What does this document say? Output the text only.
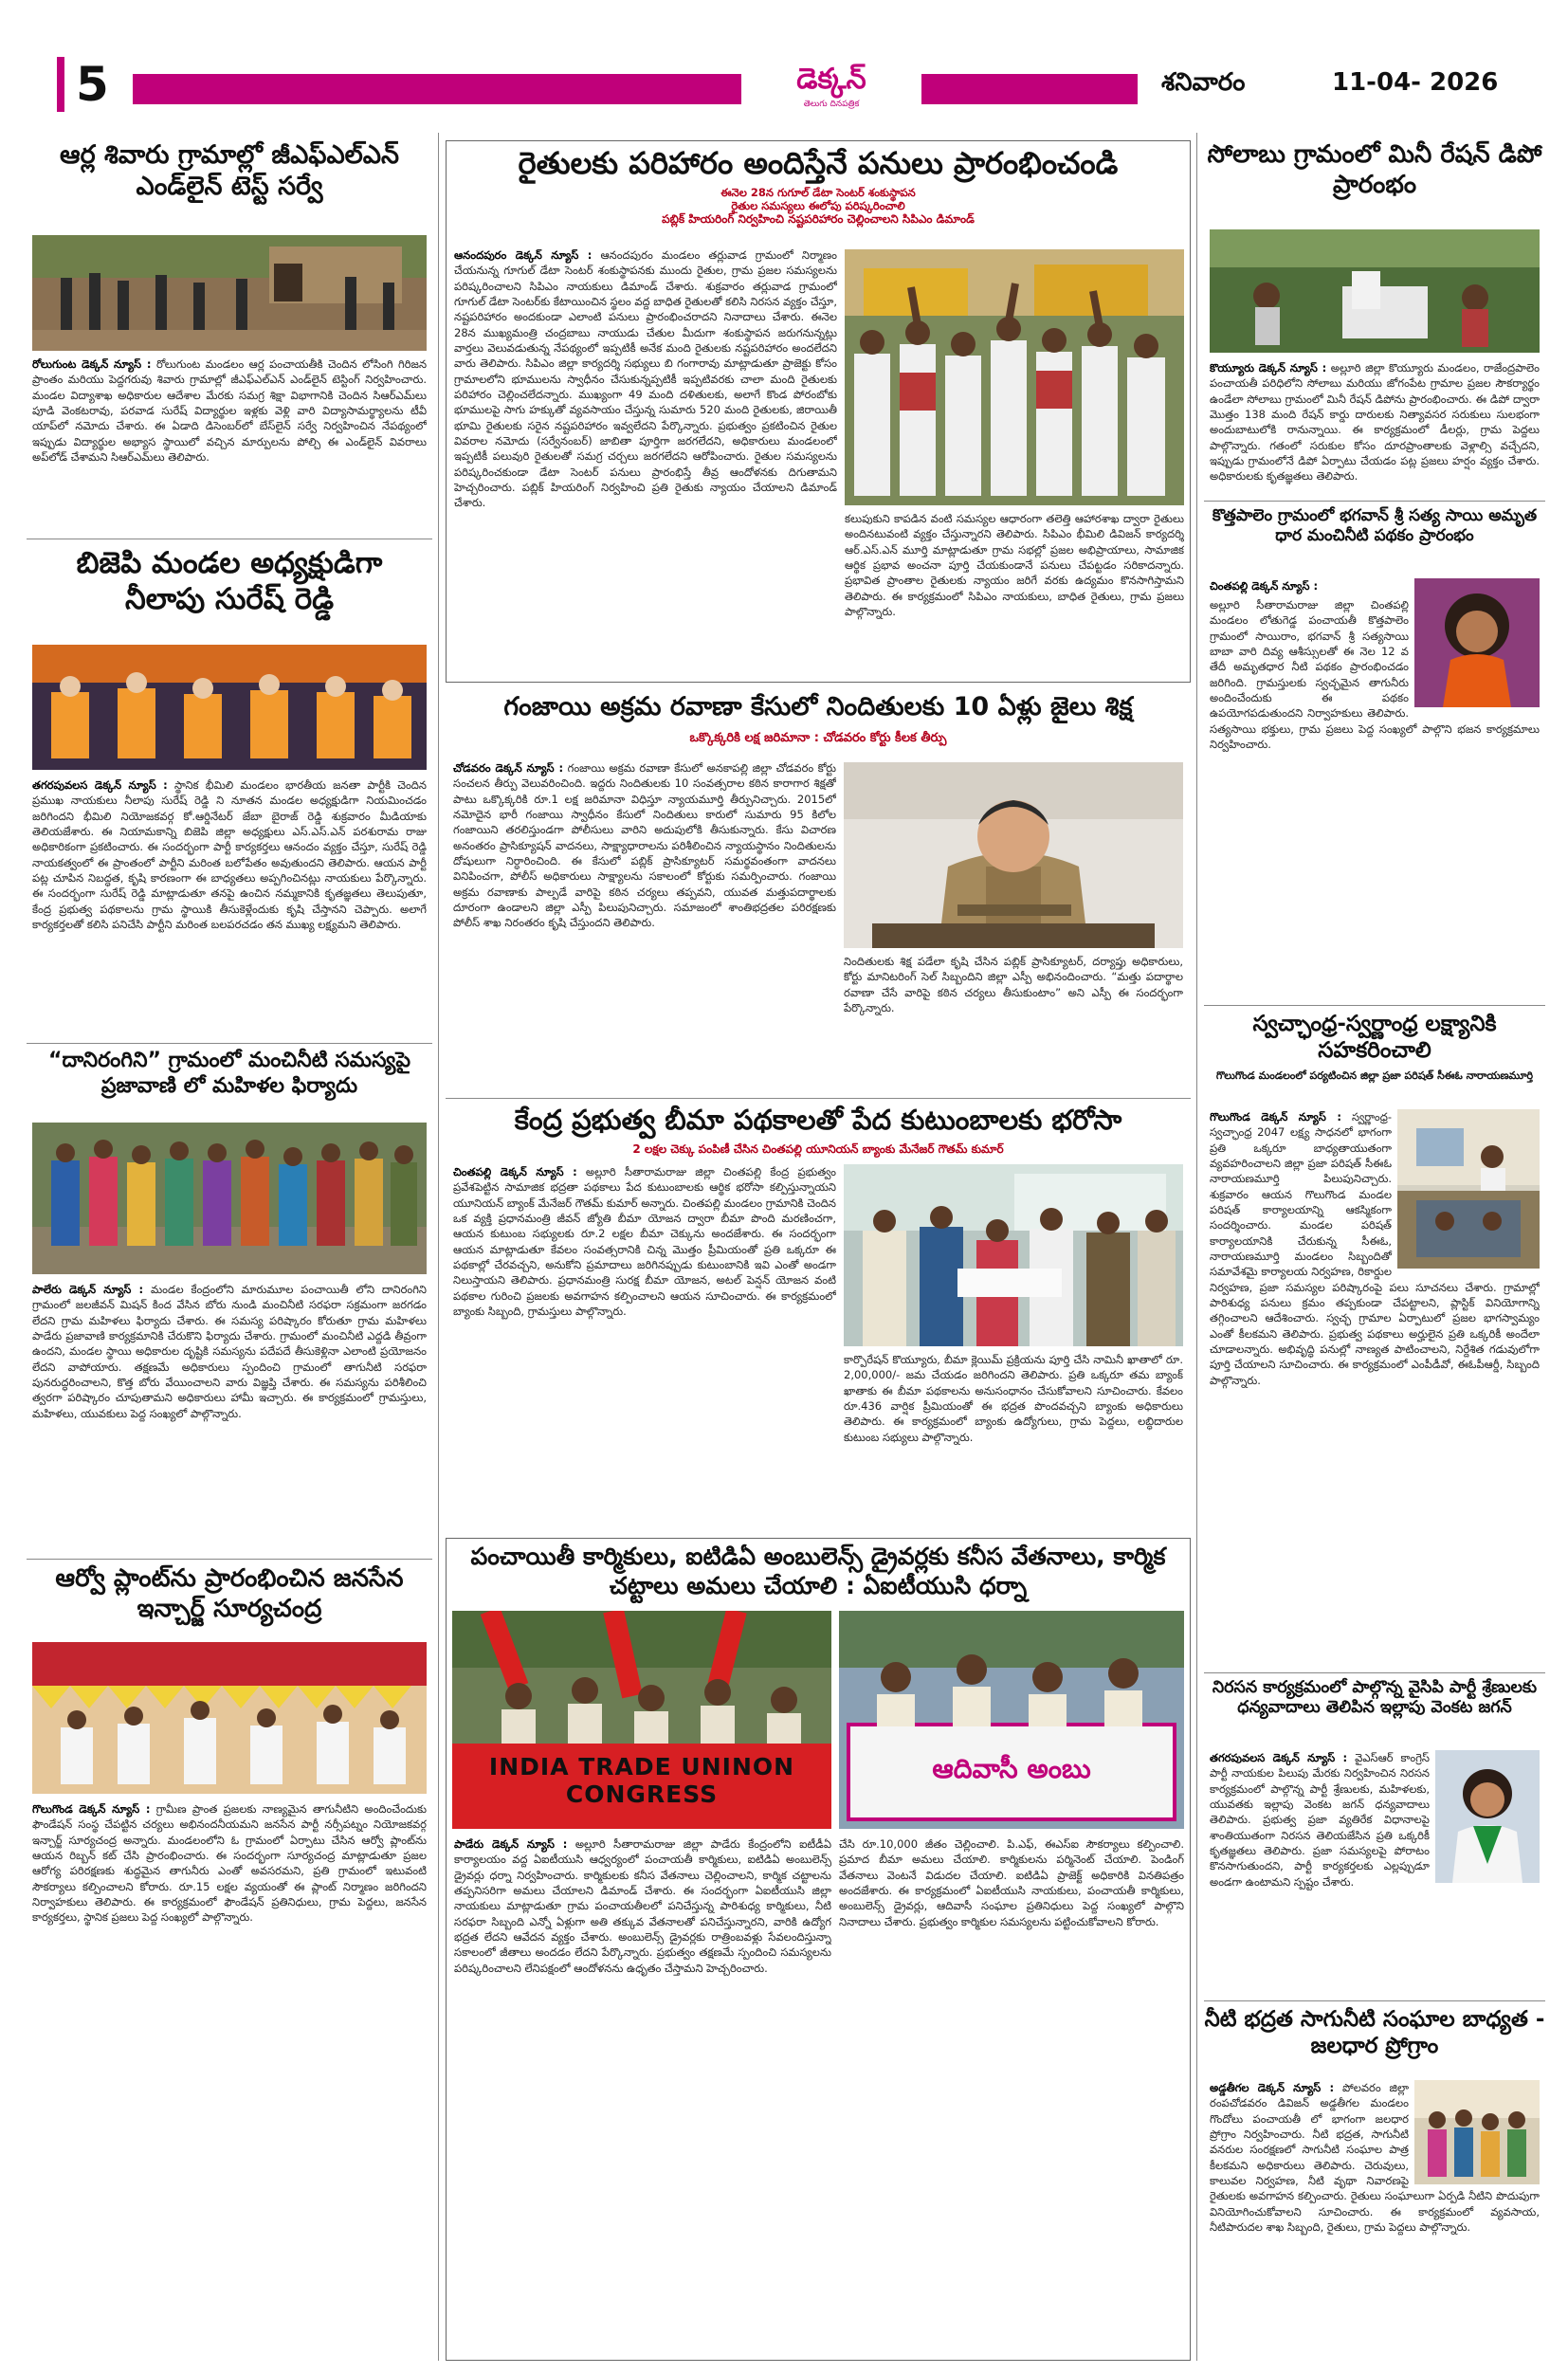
5	డెక్కన్
తెలుగు దినపత్రిక
శనివారం	11-04- 2026
ఆర్ల శివారు గ్రామాల్లో జీఎఫ్ఎల్ఎన్ ఎండ్‌లైన్ టెస్ట్ సర్వే
రోలుగుంట డెక్కన్ న్యూస్ : రోలుగుంట మండలం ఆర్ల పంచాయతీకి చెందిన లోసింగి గిరిజన ప్రాంతం మరియు పెద్దగరువు శివారు గ్రామాల్లో జీఎఫ్ఎల్ఎన్ ఎండ్‌లైన్ టెస్టింగ్ నిర్వహించారు. మండల విద్యాశాఖ అధికారుల ఆదేశాల మేరకు సమగ్ర శిక్షా విభాగానికి చెందిన సిఆర్ఎమ్‌లు పూడి వెంకటరావు, పరవాడ సురేష్ విద్యార్థుల ఇళ్లకు వెళ్లి వారి విద్యాసామర్థ్యాలను టీవీ యాప్‌లో నమోదు చేశారు. ఈ ఏడాది డిసెంబర్‌లో బేస్‌లైన్ సర్వే నిర్వహించిన నేపథ్యంలో ఇప్పుడు విద్యార్థుల అభ్యాస స్థాయిలో వచ్చిన మార్పులను పోల్చి ఈ ఎండ్‌లైన్ వివరాలు అప్‌లోడ్ చేశామని సిఆర్ఎమ్‌లు తెలిపారు.
బిజెపి మండల అధ్యక్షుడిగా నీలాపు సురేష్ రెడ్డి
తగరపువలస డెక్కన్ న్యూస్ : స్థానిక భీమిలి మండలం భారతీయ జనతా పార్టీకి చెందిన ప్రముఖ నాయకులు నీలాపు సురేష్ రెడ్డి ని నూతన మండల అధ్యక్షుడిగా నియమించడం జరిగిందని భీమిలి నియోజకవర్గ కో.ఆర్డినేటర్ జేబా బైరాజ్ రెడ్డి శుక్రవారం మీడియాకు తెలియజేశారు. ఈ నియామకాన్ని బిజెపి జిల్లా అధ్యక్షులు ఎస్.ఎస్.ఎన్ పరశురామ రాజు అధికారికంగా ప్రకటించారు. ఈ సందర్భంగా పార్టీ కార్యకర్తలు ఆనందం వ్యక్తం చేస్తూ, సురేష్ రెడ్డి నాయకత్వంలో ఈ ప్రాంతంలో పార్టీని మరింత బలోపేతం అవుతుందని తెలిపారు. ఆయన పార్టీ పట్ల చూపిన నిబద్ధత, కృషి కారణంగా ఈ బాధ్యతలు అప్పగించినట్లు నాయకులు పేర్కొన్నారు. ఈ సందర్భంగా సురేష్ రెడ్డి మాట్లాడుతూ తనపై ఉంచిన నమ్మకానికి కృతజ్ఞతలు తెలుపుతూ, కేంద్ర ప్రభుత్వ పథకాలను గ్రామ స్థాయికి తీసుకెళ్లేందుకు కృషి చేస్తానని చెప్పారు. అలాగే కార్యకర్తలతో కలిసి పనిచేసి పార్టీని మరింత బలపరచడం తన ముఖ్య లక్ష్యమని తెలిపారు.
“దానిరంగిని” గ్రామంలో మంచినీటి సమస్యపై ప్రజావాణి లో మహిళల ఫిర్యాదు
పాలేరు డెక్కన్ న్యూస్ : మండల కేంద్రంలోని మారుమూల పంచాయితీ లోని దానిరంగిని గ్రామంలో జలజీవన్ మిషన్ కింద వేసిన బోరు నుండి మంచినీటి సరఫరా సక్రమంగా జరగడం లేదని గ్రామ మహిళలు ఫిర్యాదు చేశారు. ఈ సమస్య పరిష్కారం కోరుతూ గ్రామ మహిళలు పాడేరు ప్రజావాణి కార్యక్రమానికి చేరుకొని ఫిర్యాదు చేశారు. గ్రామంలో మంచినీటి ఎద్దడి తీవ్రంగా ఉందని, మండల స్థాయి అధికారుల దృష్టికి సమస్యను పదేపదే తీసుకెళ్లినా ఎలాంటి ప్రయోజనం లేదని వాపోయారు. తక్షణమే అధికారులు స్పందించి గ్రామంలో తాగునీటి సరఫరా పునరుద్ధరించాలని, కొత్త బోరు వేయించాలని వారు విజ్ఞప్తి చేశారు. ఈ సమస్యను పరిశీలించి త్వరగా పరిష్కారం చూపుతామని అధికారులు హామీ ఇచ్చారు. ఈ కార్యక్రమంలో గ్రామస్తులు, మహిళలు, యువకులు పెద్ద సంఖ్యలో పాల్గొన్నారు.
ఆర్వో ప్లాంట్‌ను ప్రారంభించిన జనసేన ఇన్చార్జ్ సూర్యచంద్ర
గొలుగొండ డెక్కన్ న్యూస్ : గ్రామీణ ప్రాంత ప్రజలకు నాణ్యమైన తాగునీటిని అందించేందుకు ఫౌండేషన్ సంస్థ చేపట్టిన చర్యలు అభినందనీయమని జనసేన పార్టీ నర్సీపట్నం నియోజకవర్గ ఇన్చార్జ్ సూర్యచంద్ర అన్నారు. మండలంలోని ఓ గ్రామంలో ఏర్పాటు చేసిన ఆర్వో ప్లాంట్‌ను ఆయన రిబ్బన్ కట్ చేసి ప్రారంభించారు. ఈ సందర్భంగా సూర్యచంద్ర మాట్లాడుతూ ప్రజల ఆరోగ్య పరిరక్షణకు శుద్ధమైన తాగునీరు ఎంతో అవసరమని, ప్రతి గ్రామంలో ఇటువంటి సౌకర్యాలు కల్పించాలని కోరారు. రూ.15 లక్షల వ్యయంతో ఈ ప్లాంట్ నిర్మాణం జరిగిందని నిర్వాహకులు తెలిపారు. ఈ కార్యక్రమంలో ఫౌండేషన్ ప్రతినిధులు, గ్రామ పెద్దలు, జనసేన కార్యకర్తలు, స్థానిక ప్రజలు పెద్ద సంఖ్యలో పాల్గొన్నారు.
రైతులకు పరిహారం అందిస్తేనే పనులు ప్రారంభించండి
ఈనెల 28న గుగూల్ డేటా సెంటర్ శంకుస్థాపన
రైతుల సమస్యలు ఈలోపు పరిష్కరించాలి
పబ్లిక్ హియరింగ్ నిర్వహించి నష్టపరిహారం చెల్లించాలని సిపిఎం డిమాండ్
ఆనందపురం డెక్కన్ న్యూస్ : ఆనందపురం మండలం తర్లువాడ గ్రామంలో నిర్మాణం చేయనున్న గూగుల్ డేటా సెంటర్ శంకుస్థాపనకు ముందు రైతుల, గ్రామ ప్రజల సమస్యలను పరిష్కరించాలని సిపిఎం నాయకులు డిమాండ్ చేశారు. శుక్రవారం తర్లువాడ గ్రామంలో గూగుల్ డేటా సెంటర్‌కు కేటాయించిన స్థలం వద్ద బాధిత రైతులతో కలిసి నిరసన వ్యక్తం చేస్తూ, నష్టపరిహారం అందకుండా ఎలాంటి పనులు ప్రారంభించరాదని నినాదాలు చేశారు. ఈనెల 28న ముఖ్యమంత్రి చంద్రబాబు నాయుడు చేతుల మీదుగా శంకుస్థాపన జరుగనున్నట్లు వార్తలు వెలువడుతున్న నేపథ్యంలో ఇప్పటికీ అనేక మంది రైతులకు నష్టపరిహారం అందలేదని వారు తెలిపారు. సిపిఎం జిల్లా కార్యదర్శి సభ్యులు బి గంగారావు మాట్లాడుతూ ప్రాజెక్టు కోసం గ్రామాలలోని భూములను స్వాధీనం చేసుకున్నప్పటికీ ఇప్పటివరకు చాలా మంది రైతులకు పరిహారం చెల్లించలేదన్నారు. ముఖ్యంగా 49 మంది దళితులకు, అలాగే కొండ పోరంబోకు భూములపై సాగు హక్కుతో వ్యవసాయం చేస్తున్న సుమారు 520 మంది రైతులకు, జిరాయితీ భూమి రైతులకు సరైన నష్టపరిహారం ఇవ్వలేదని పేర్కొన్నారు. ప్రభుత్వం ప్రకటించిన రైతుల వివరాల నమోదు (సర్వేనంబర్) జాబితా పూర్తిగా జరగలేదని, అధికారులు మండలంలో ఇప్పటికీ పలువురి రైతులతో సమగ్ర చర్చలు జరగలేదని ఆరోపించారు. రైతుల సమస్యలను పరిష్కరించకుండా డేటా సెంటర్ పనులు ప్రారంభిస్తే తీవ్ర ఆందోళనకు దిగుతామని హెచ్చరించారు. పబ్లిక్ హియరింగ్ నిర్వహించి ప్రతి రైతుకు న్యాయం చేయాలని డిమాండ్ చేశారు.
కలుపుకుని కాపడిన వంటి సమస్యల ఆధారంగా తలెత్తి ఆహారశాఖ ద్వారా రైతులు అందినటువంటి వ్యక్తం చేస్తున్నారని తెలిపారు. సిపిఎం భీమిలి డివిజన్ కార్యదర్శి ఆర్.ఎస్.ఎన్ మూర్తి మాట్లాడుతూ గ్రామ సభల్లో ప్రజల అభిప్రాయాలు, సామాజిక ఆర్థిక ప్రభావ అంచనా పూర్తి చేయకుండానే పనులు చేపట్టడం సరికాదన్నారు. ప్రభావిత ప్రాంతాల రైతులకు న్యాయం జరిగే వరకు ఉద్యమం కొనసాగిస్తామని తెలిపారు. ఈ కార్యక్రమంలో సిపిఎం నాయకులు, బాధిత రైతులు, గ్రామ ప్రజలు పాల్గొన్నారు.
గంజాయి అక్రమ రవాణా కేసులో నిందితులకు 10 ఏళ్లు జైలు శిక్ష
ఒక్కొక్కరికి లక్ష జరిమానా : చోడవరం కోర్టు కీలక తీర్పు
చోడవరం డెక్కన్ న్యూస్ : గంజాయి అక్రమ రవాణా కేసులో అనకాపల్లి జిల్లా చోడవరం కోర్టు సంచలన తీర్పు వెలువరించింది. ఇద్దరు నిందితులకు 10 సంవత్సరాల కఠిన కారాగార శిక్షతో పాటు ఒక్కొక్కరికి రూ.1 లక్ష జరిమానా విధిస్తూ న్యాయమూర్తి తీర్పునిచ్చారు. 2015లో నమోదైన భారీ గంజాయి స్వాధీనం కేసులో నిందితులు కారులో సుమారు 95 కిలోల గంజాయిని తరలిస్తుండగా పోలీసులు వారిని అదుపులోకి తీసుకున్నారు. కేసు విచారణ అనంతరం ప్రాసిక్యూషన్ వాదనలు, సాక్ష్యాధారాలను పరిశీలించిన న్యాయస్థానం నిందితులను దోషులుగా నిర్ధారించింది. ఈ కేసులో పబ్లిక్ ప్రాసిక్యూటర్ సమర్థవంతంగా వాదనలు వినిపించగా, పోలీస్ అధికారులు సాక్ష్యాలను సకాలంలో కోర్టుకు సమర్పించారు. గంజాయి అక్రమ రవాణాకు పాల్పడే వారిపై కఠిన చర్యలు తప్పవని, యువత మత్తుపదార్థాలకు దూరంగా ఉండాలని జిల్లా ఎస్పీ పిలుపునిచ్చారు. సమాజంలో శాంతిభద్రతల పరిరక్షణకు పోలీస్ శాఖ నిరంతరం కృషి చేస్తుందని తెలిపారు.
నిందితులకు శిక్ష పడేలా కృషి చేసిన పబ్లిక్ ప్రాసిక్యూటర్, దర్యాప్తు అధికారులు, కోర్టు మానిటరింగ్ సెల్ సిబ్బందిని జిల్లా ఎస్పీ అభినందించారు. “మత్తు పదార్థాల రవాణా చేసే వారిపై కఠిన చర్యలు తీసుకుంటాం” అని ఎస్పీ ఈ సందర్భంగా పేర్కొన్నారు.
కేంద్ర ప్రభుత్వ బీమా పథకాలతో పేద కుటుంబాలకు భరోసా
2 లక్షల చెక్కు పంపిణీ చేసిన చింతపల్లి యూనియన్ బ్యాంకు మేనేజర్ గౌతమ్ కుమార్
చింతపల్లి డెక్కన్ న్యూస్ : అల్లూరి సీతారామరాజు జిల్లా చింతపల్లి కేంద్ర ప్రభుత్వం ప్రవేశపెట్టిన సామాజిక భద్రతా పథకాలు పేద కుటుంబాలకు ఆర్థిక భరోసా కల్పిస్తున్నాయని యూనియన్ బ్యాంక్ మేనేజర్ గౌతమ్ కుమార్ అన్నారు. చింతపల్లి మండలం గ్రామానికి చెందిన ఒక వ్యక్తి ప్రధానమంత్రి జీవన్ జ్యోతి బీమా యోజన ద్వారా బీమా పొంది మరణించగా, ఆయన కుటుంబ సభ్యులకు రూ.2 లక్షల బీమా చెక్కును అందజేశారు. ఈ సందర్భంగా ఆయన మాట్లాడుతూ కేవలం సంవత్సరానికి చిన్న మొత్తం ప్రీమియంతో ప్రతి ఒక్కరూ ఈ పథకాల్లో చేరవచ్చని, అనుకోని ప్రమాదాలు జరిగినప్పుడు కుటుంబానికి ఇవి ఎంతో అండగా నిలుస్తాయని తెలిపారు. ప్రధానమంత్రి సురక్ష బీమా యోజన, అటల్ పెన్షన్ యోజన వంటి పథకాల గురించి ప్రజలకు అవగాహన కల్పించాలని ఆయన సూచించారు. ఈ కార్యక్రమంలో బ్యాంకు సిబ్బంది, గ్రామస్తులు పాల్గొన్నారు.
కార్పొరేషన్ కొయ్యూరు, బీమా క్లెయిమ్ ప్రక్రియను పూర్తి చేసి నామినీ ఖాతాలో రూ. 2,00,000/- జమ చేయడం జరిగిందని తెలిపారు. ప్రతి ఒక్కరూ తమ బ్యాంక్ ఖాతాకు ఈ బీమా పథకాలను అనుసంధానం చేసుకోవాలని సూచించారు. కేవలం రూ.436 వార్షిక ప్రీమియంతో ఈ భద్రత పొందవచ్చని బ్యాంకు అధికారులు తెలిపారు. ఈ కార్యక్రమంలో బ్యాంకు ఉద్యోగులు, గ్రామ పెద్దలు, లబ్ధిదారుల కుటుంబ సభ్యులు పాల్గొన్నారు.
పంచాయితీ కార్మికులు, ఐటిడిఏ అంబులెన్స్ డ్రైవర్లకు కనీస వేతనాలు, కార్మిక చట్టాలు అమలు చేయాలి : ఏఐటీయుసి ధర్నా
INDIA TRADE UNINON CONGRESS
ఆదివాసీ అంబు
పాడేరు డెక్కన్ న్యూస్ : అల్లూరి సీతారామరాజు జిల్లా పాడేరు కేంద్రంలోని ఐటీడీఏ కార్యాలయం వద్ద ఏఐటీయుసి ఆధ్వర్యంలో పంచాయతీ కార్మికులు, ఐటిడిఏ అంబులెన్స్ డ్రైవర్లు ధర్నా నిర్వహించారు. కార్మికులకు కనీస వేతనాలు చెల్లించాలని, కార్మిక చట్టాలను తప్పనిసరిగా అమలు చేయాలని డిమాండ్ చేశారు. ఈ సందర్భంగా ఏఐటీయుసి జిల్లా నాయకులు మాట్లాడుతూ గ్రామ పంచాయతీలలో పనిచేస్తున్న పారిశుధ్య కార్మికులు, నీటి సరఫరా సిబ్బంది ఎన్నో ఏళ్లుగా అతి తక్కువ వేతనాలతో పనిచేస్తున్నారని, వారికి ఉద్యోగ భద్రత లేదని ఆవేదన వ్యక్తం చేశారు. అంబులెన్స్ డ్రైవర్లకు రాత్రింబవళ్లు సేవలందిస్తున్నా సకాలంలో జీతాలు అందడం లేదని పేర్కొన్నారు. ప్రభుత్వం తక్షణమే స్పందించి సమస్యలను పరిష్కరించాలని లేనిపక్షంలో ఆందోళనను ఉధృతం చేస్తామని హెచ్చరించారు.
చేసి రూ.10,000 జీతం చెల్లించాలి. పి.ఎఫ్, ఈఎస్ఐ సౌకర్యాలు కల్పించాలి. ప్రమాద బీమా అమలు చేయాలి. కార్మికులను పర్మినెంట్ చేయాలి. పెండింగ్ వేతనాలు వెంటనే విడుదల చేయాలి. ఐటిడిఏ ప్రాజెక్ట్ అధికారికి వినతిపత్రం అందజేశారు. ఈ కార్యక్రమంలో ఏఐటీయుసి నాయకులు, పంచాయతీ కార్మికులు, అంబులెన్స్ డ్రైవర్లు, ఆదివాసీ సంఘాల ప్రతినిధులు పెద్ద సంఖ్యలో పాల్గొని నినాదాలు చేశారు. ప్రభుత్వం కార్మికుల సమస్యలను పట్టించుకోవాలని కోరారు.
సోలాబు గ్రామంలో మినీ రేషన్ డిపో ప్రారంభం
కొయ్యూరు డెక్కన్ న్యూస్ : అల్లూరి జిల్లా కొయ్యూరు మండలం, రాజేంద్రపాలెం పంచాయతీ పరిధిలోని సోలాబు మరియు జోగంపేట గ్రామాల ప్రజల సౌకర్యార్థం ఉండేలా సోలాబు గ్రామంలో మినీ రేషన్ డిపోను ప్రారంభించారు. ఈ డిపో ద్వారా మొత్తం 138 మంది రేషన్ కార్డు దారులకు నిత్యావసర సరుకులు సులభంగా అందుబాటులోకి రానున్నాయి. ఈ కార్యక్రమంలో డీలర్లు, గ్రామ పెద్దలు పాల్గొన్నారు. గతంలో సరుకుల కోసం దూరప్రాంతాలకు వెళ్లాల్సి వచ్చేదని, ఇప్పుడు గ్రామంలోనే డిపో ఏర్పాటు చేయడం పట్ల ప్రజలు హర్షం వ్యక్తం చేశారు. అధికారులకు కృతజ్ఞతలు తెలిపారు.
కొత్తపాలెం గ్రామంలో భగవాన్ శ్రీ సత్య సాయి అమృత ధార మంచినీటి పథకం ప్రారంభం
చింతపల్లి డెక్కన్ న్యూస్ :
అల్లూరి సీతారామరాజు జిల్లా చింతపల్లి మండలం లోతుగెడ్డ పంచాయతీ కొత్తపాలెం గ్రామంలో సాయిరాం, భగవాన్ శ్రీ సత్యసాయి బాబా వారి దివ్య ఆశీస్సులతో ఈ నెల 12 వ తేదీ అమృతధార నీటి పథకం ప్రారంభించడం జరిగింది. గ్రామస్తులకు స్వచ్ఛమైన తాగునీరు అందించేందుకు ఈ పథకం ఉపయోగపడుతుందని నిర్వాహకులు తెలిపారు. సత్యసాయి భక్తులు, గ్రామ ప్రజలు పెద్ద సంఖ్యలో పాల్గొని భజన కార్యక్రమాలు నిర్వహించారు.
స్వచ్ఛాంధ్ర-స్వర్ణాంధ్ర లక్ష్యానికి సహకరించాలి
గొలుగొండ మండలంలో పర్యటించిన జిల్లా ప్రజా పరిషత్ సీఈఓ నారాయణమూర్తి
గొలుగొండ డెక్కన్ న్యూస్ : స్వర్ణాంధ్ర-స్వచ్ఛాంధ్ర 2047 లక్ష్య సాధనలో భాగంగా ప్రతి ఒక్కరూ బాధ్యతాయుతంగా వ్యవహరించాలని జిల్లా ప్రజా పరిషత్ సీఈఓ నారాయణమూర్తి పిలుపునిచ్చారు. శుక్రవారం ఆయన గొలుగొండ మండల పరిషత్ కార్యాలయాన్ని ఆకస్మికంగా సందర్శించారు. మండల పరిషత్ కార్యాలయానికి చేరుకున్న సీఈఓ, నారాయణమూర్తి మండలం సిబ్బందితో సమావేశమై కార్యాలయ నిర్వహణ, రికార్డుల నిర్వహణ, ప్రజా సమస్యల పరిష్కారంపై పలు సూచనలు చేశారు. గ్రామాల్లో పారిశుధ్య పనులు క్రమం తప్పకుండా చేపట్టాలని, ప్లాస్టిక్ వినియోగాన్ని తగ్గించాలని ఆదేశించారు. స్వచ్ఛ గ్రామాల ఏర్పాటులో ప్రజల భాగస్వామ్యం ఎంతో కీలకమని తెలిపారు. ప్రభుత్వ పథకాలు అర్హులైన ప్రతి ఒక్కరికీ అందేలా చూడాలన్నారు. అభివృద్ధి పనుల్లో నాణ్యత పాటించాలని, నిర్దేశిత గడువులోగా పూర్తి చేయాలని సూచించారు. ఈ కార్యక్రమంలో ఎంపీడీవో, ఈఓపీఆర్డీ, సిబ్బంది పాల్గొన్నారు.
నిరసన కార్యక్రమంలో పాల్గొన్న వైసిపి పార్టీ శ్రేణులకు ధన్యవాదాలు తెలిపిన ఇల్లాపు వెంకట జగన్
తగరపువలస డెక్కన్ న్యూస్ : వైఎస్ఆర్ కాంగ్రెస్ పార్టీ నాయకుల పిలుపు మేరకు నిర్వహించిన నిరసన కార్యక్రమంలో పాల్గొన్న పార్టీ శ్రేణులకు, మహిళలకు, యువతకు ఇల్లాపు వెంకట జగన్ ధన్యవాదాలు తెలిపారు. ప్రభుత్వ ప్రజా వ్యతిరేక విధానాలపై శాంతియుతంగా నిరసన తెలియజేసిన ప్రతి ఒక్కరికీ కృతజ్ఞతలు తెలిపారు. ప్రజా సమస్యలపై పోరాటం కొనసాగుతుందని, పార్టీ కార్యకర్తలకు ఎల్లప్పుడూ అండగా ఉంటామని స్పష్టం చేశారు.
నీటి భద్రత సాగునీటి సంఘాల బాధ్యత - జలధార ప్రోగ్రాం
అడ్డతీగల డెక్కన్ న్యూస్ : పోలవరం జిల్లా రంపచోడవరం డివిజన్ అడ్డతీగల మండలం గొందోలు పంచాయతీ లో భాగంగా జలధార ప్రోగ్రాం నిర్వహించారు. నీటి భద్రత, సాగునీటి వనరుల సంరక్షణలో సాగునీటి సంఘాల పాత్ర కీలకమని అధికారులు తెలిపారు. చెరువులు, కాలువల నిర్వహణ, నీటి వృథా నివారణపై రైతులకు అవగాహన కల్పించారు. రైతులు సంఘాలుగా ఏర్పడి నీటిని పొదుపుగా వినియోగించుకోవాలని సూచించారు. ఈ కార్యక్రమంలో వ్యవసాయ, నీటిపారుదల శాఖ సిబ్బంది, రైతులు, గ్రామ పెద్దలు పాల్గొన్నారు.
